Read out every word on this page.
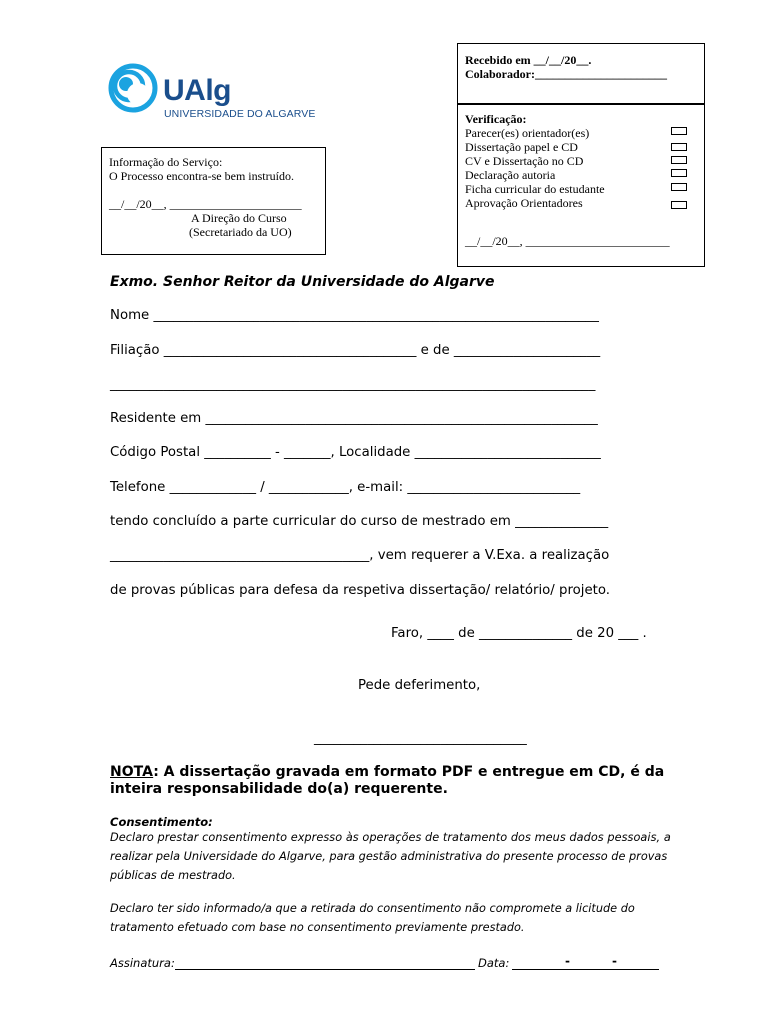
UAlg
UNIVERSIDADE DO ALGARVE
Informação do Serviço:
O Processo encontra-se bem instruído.
__/__/20__, ______________________
A Direção do Curso
(Secretariado da UO)
Recebido em __/__/20__.
Colaborador:______________________
Verificação:
Parecer(es) orientador(es)
Dissertação papel e CD
CV e Dissertação no CD
Declaração autoria
Ficha curricular do estudante
Aprovação Orientadores
__/__/20__, ________________________
Exmo. Senhor Reitor da Universidade do Algarve
Nome ___________________________________________________________________
Filiação ______________________________________ e de ______________________
_________________________________________________________________________
Residente em ___________________________________________________________
Código Postal __________ - _______, Localidade ____________________________
Telefone _____________ / ____________, e-mail: __________________________
tendo concluído a parte curricular do curso de mestrado em ______________
_______________________________________, vem requerer a V.Exa. a realização
de provas públicas para defesa da respetiva dissertação/ relatório/ projeto.
Faro, ____ de ______________ de 20 ___ .
Pede deferimento,
________________________________
NOTA: A dissertação gravada em formato PDF e entregue em CD, é da
inteira responsabilidade do(a) requerente.
Consentimento:
Declaro prestar consentimento expresso às operações de tratamento dos meus dados pessoais, a
realizar pela Universidade do Algarve, para gestão administrativa do presente processo de provas
públicas de mestrado.
Declaro ter sido informado/a que a retirada do consentimento não compromete a licitude do
tratamento efetuado com base no consentimento previamente prestado.
Assinatura:	Data:	-	-
